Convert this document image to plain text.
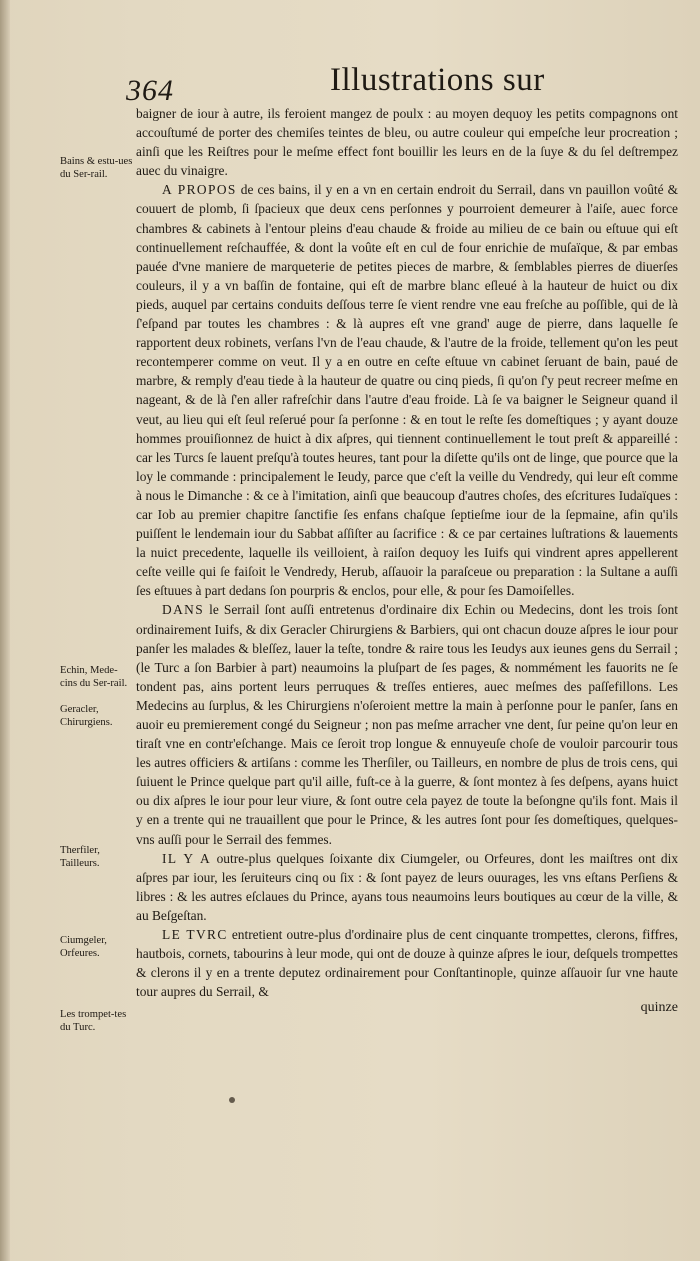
364	Illustrations sur
Bains & estu-ues du Ser-rail.
Echin, Mede-cins du Ser-rail.
Geracler, Chirurgiens.
Therfiler, Tailleurs.
Ciumgeler, Orfeures.
Les trompet-tes du Turc.

baigner de iour à autre, ils feroient mangez de poulx : au moyen dequoy les petits compagnons ont accouſtumé de porter des chemiſes teintes de bleu, ou autre couleur qui empeſche leur procreation ; ainſi que les Reiſtres pour le meſme effect font bouillir les leurs en de la ſuye & du ſel deſtrempez auec du vinaigre.

A PROPOS de ces bains, il y en a vn en certain endroit du Serrail, dans vn pauillon voûté & couuert de plomb, ſi ſpacieux que deux cens perſonnes y pourroient demeurer à l'aiſe, auec force chambres & cabinets à l'entour pleins d'eau chaude & froide au milieu de ce bain ou eſtuue qui eſt continuellement reſchauffée, & dont la voûte eſt en cul de four enrichie de muſaïque, & par embas pauée d'vne maniere de marqueterie de petites pieces de marbre, & ſemblables pierres de diuerſes couleurs, il y a vn baſſin de fontaine, qui eſt de marbre blanc eſleué à la hauteur de huict ou dix pieds, auquel par certains conduits deſſous terre ſe vient rendre vne eau freſche au poſſible, qui de là ſ'eſpand par toutes les chambres : & là aupres eſt vne grand' auge de pierre, dans laquelle ſe rapportent deux robinets, verſans l'vn de l'eau chaude, & l'autre de la froide, tellement qu'on les peut recontemperer comme on veut. Il y a en outre en ceſte eſtuue vn cabinet ſeruant de bain, paué de marbre, & remply d'eau tiede à la hauteur de quatre ou cinq pieds, ſi qu'on ſ'y peut recreer meſme en nageant, & de là ſ'en aller rafreſchir dans l'autre d'eau froide. Là ſe va baigner le Seigneur quand il veut, au lieu qui eſt ſeul reſerué pour ſa perſonne : & en tout le reſte ſes domeſtiques ; y ayant douze hommes prouiſionnez de huict à dix aſpres, qui tiennent continuellement le tout preſt & appareillé : car les Turcs ſe lauent preſqu'à toutes heures, tant pour la diſette qu'ils ont de linge, que pource que la loy le commande : principalement le Ieudy, parce que c'eſt la veille du Vendredy, qui leur eſt comme à nous le Dimanche : & ce à l'imitation, ainſi que beaucoup d'autres choſes, des eſcritures Iudaïques : car Iob au premier chapitre ſanctifie ſes enfans chaſque ſeptieſme iour de la ſepmaine, afin qu'ils puiſſent le lendemain iour du Sabbat aſſiſter au ſacrifice : & ce par certaines luſtrations & lauements la nuict precedente, laquelle ils veilloient, à raiſon dequoy les Iuifs qui vindrent apres appellerent ceſte veille qui ſe faiſoit le Vendredy, Herub, aſſauoir la paraſceue ou preparation : la Sultane a auſſi ſes eſtuues à part dedans ſon pourpris & enclos, pour elle, & pour ſes Damoiſelles.

DANS le Serrail ſont auſſi entretenus d'ordinaire dix Echin ou Medecins, dont les trois ſont ordinairement Iuifs, & dix Geracler Chirurgiens & Barbiers, qui ont chacun douze aſpres le iour pour panſer les malades & bleſſez, lauer la teſte, tondre & raire tous les Ieudys aux ieunes gens du Serrail ; (le Turc a ſon Barbier à part) neaumoins la pluſpart de ſes pages, & nommément les fauorits ne ſe tondent pas, ains portent leurs perruques & treſſes entieres, auec meſmes des paſſefillons. Les Medecins au ſurplus, & les Chirurgiens n'oſeroient mettre la main à perſonne pour le panſer, ſans en auoir eu premierement congé du Seigneur ; non pas meſme arracher vne dent, ſur peine qu'on leur en tiraſt vne en contr'eſchange. Mais ce ſeroit trop longue & ennuyeuſe choſe de vouloir parcourir tous les autres officiers & artiſans : comme les Therſiler, ou Tailleurs, en nombre de plus de trois cens, qui ſuiuent le Prince quelque part qu'il aille, fuſt-ce à la guerre, & ſont montez à ſes deſpens, ayans huict ou dix aſpres le iour pour leur viure, & ſont outre cela payez de toute la beſongne qu'ils font. Mais il y en a trente qui ne trauaillent que pour le Prince, & les autres ſont pour ſes domeſtiques, quelques-vns auſſi pour le Serrail des femmes.

IL Y A outre-plus quelques ſoixante dix Ciumgeler, ou Orfeures, dont les maiſtres ont dix aſpres par iour, les ſeruiteurs cinq ou ſix : & ſont payez de leurs ouurages, les vns eſtans Perſiens & libres : & les autres eſclaues du Prince, ayans tous neaumoins leurs boutiques au cœur de la ville, & au Beſgeſtan.

LE TVRC entretient outre-plus d'ordinaire plus de cent cinquante trompettes, clerons, fiffres, hautbois, cornets, tabourins à leur mode, qui ont de douze à quinze aſpres le iour, deſquels trompettes & clerons il y en a trente deputez ordinairement pour Conſtantinople, quinze aſſauoir ſur vne haute tour aupres du Serrail, &

quinze
